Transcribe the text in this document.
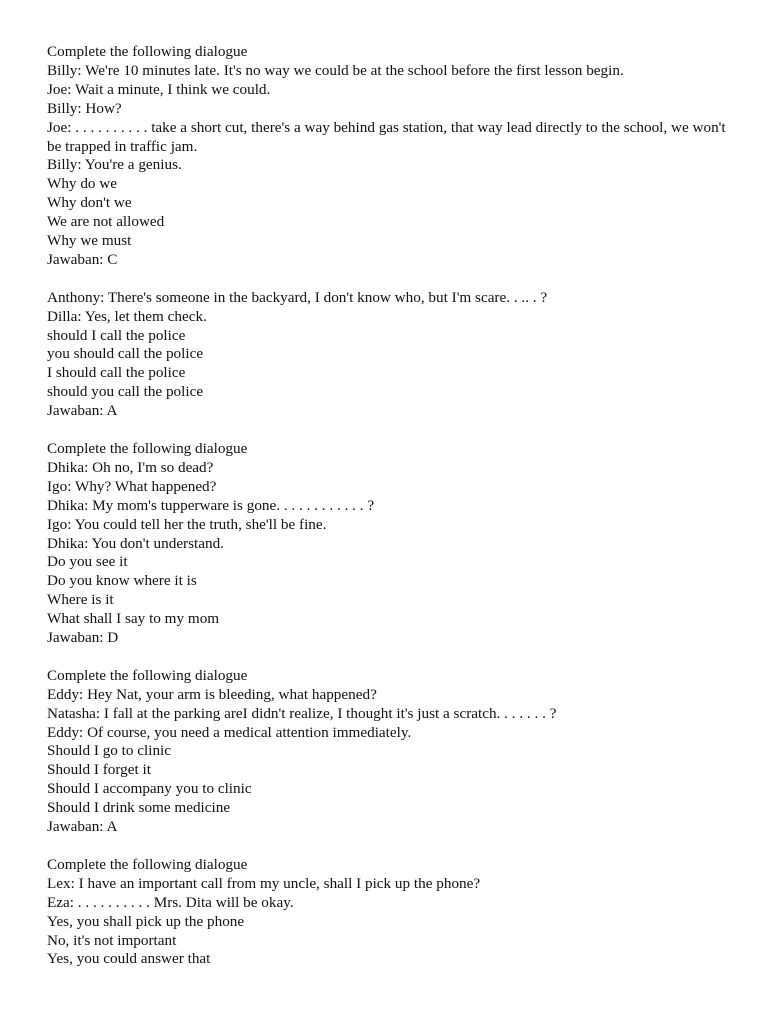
Complete the following dialogue
Billy: We're 10 minutes late. It's no way we could be at the school before the first lesson begin.
Joe: Wait a minute, I think we could.
Billy: How?
Joe: . . . . . . . . . . take a short cut, there's a way behind gas station, that way lead directly to the school, we won't be trapped in traffic jam.
Billy: You're a genius.
Why do we
Why don't we
We are not allowed
Why we must
Jawaban: C
Anthony: There's someone in the backyard, I don't know who, but I'm scare. . .. . ?
Dilla: Yes, let them check.
should I call the police
you should call the police
I should call the police
should you call the police
Jawaban: A
Complete the following dialogue
Dhika: Oh no, I'm so dead?
Igo: Why? What happened?
Dhika: My mom's tupperware is gone. . . . . . . . . . . . ?
Igo: You could tell her the truth, she'll be fine.
Dhika: You don't understand.
Do you see it
Do you know where it is
Where is it
What shall I say to my mom
Jawaban: D
Complete the following dialogue
Eddy: Hey Nat, your arm is bleeding, what happened?
Natasha: I fall at the parking areI didn't realize, I thought it's just a scratch. . . . . . . ?
Eddy: Of course, you need a medical attention immediately.
Should I go to clinic
Should I forget it
Should I accompany you to clinic
Should I drink some medicine
Jawaban: A
Complete the following dialogue
Lex: I have an important call from my uncle, shall I pick up the phone?
Eza: . . . . . . . . . . Mrs. Dita will be okay.
Yes, you shall pick up the phone
No, it's not important
Yes, you could answer that
